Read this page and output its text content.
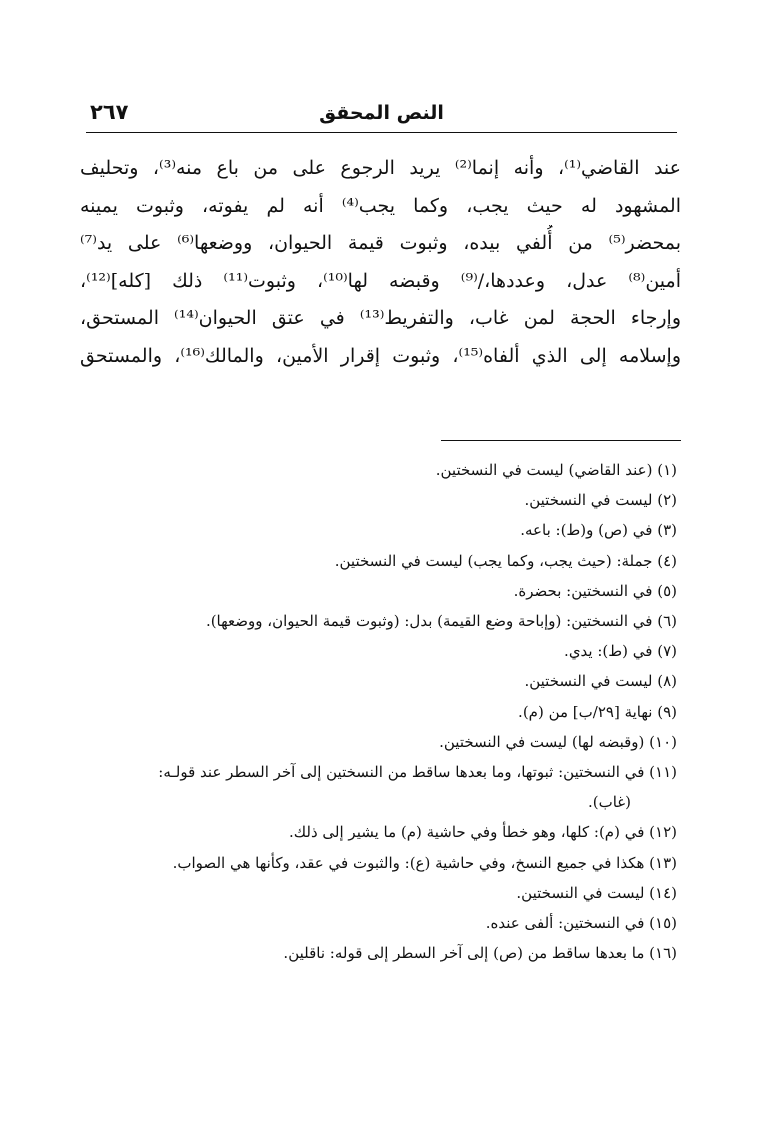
النص المحقق
٢٦٧
عند القاضي⁽¹⁾، وأنه إنما⁽²⁾ يريد الرجوع على من باع منه⁽³⁾، وتحليف
المشهود له حيث يجب، وكما يجب⁽⁴⁾ أنه لم يفوته، وثبوت يمينه
بمحضر⁽⁵⁾ من أُلفي بيده، وثبوت قيمة الحيوان، ووضعها⁽⁶⁾ على يد⁽⁷⁾
أمين⁽⁸⁾ عدل، وعددها،/⁽⁹⁾ وقبضه لها⁽¹⁰⁾، وثبوت⁽¹¹⁾ ذلك [كله]⁽¹²⁾،
وإرجاء الحجة لمن غاب، والتفريط⁽¹³⁾ في عتق الحيوان⁽¹⁴⁾ المستحق،
وإسلامه إلى الذي ألفاه⁽¹⁵⁾، وثبوت إقرار الأمين، والمالك⁽¹⁶⁾، والمستحق
(١) (عند القاضي) ليست في النسختين.
(٢) ليست في النسختين.
(٣) في (ص) و(ط): باعه.
(٤) جملة: (حيث يجب، وكما يجب) ليست في النسختين.
(٥) في النسختين: بحضرة.
(٦) في النسختين: (وإباحة وضع القيمة) بدل: (وثبوت قيمة الحيوان، ووضعها).
(٧) في (ط): يدي.
(٨) ليست في النسختين.
(٩) نهاية [٢٩/ب] من (م).
(١٠) (وقبضه لها) ليست في النسختين.
(١١) في النسختين: ثبوتها، وما بعدها ساقط من النسختين إلى آخر السطر عند قولـه:
(غاب).
(١٢) في (م): كلها، وهو خطأ وفي حاشية (م) ما يشير إلى ذلك.
(١٣) هكذا في جميع النسخ، وفي حاشية (ع): والثبوت في عقد، وكأنها هي الصواب.
(١٤) ليست في النسختين.
(١٥) في النسختين: ألفى عنده.
(١٦) ما بعدها ساقط من (ص) إلى آخر السطر إلى قوله: ناقلين.
